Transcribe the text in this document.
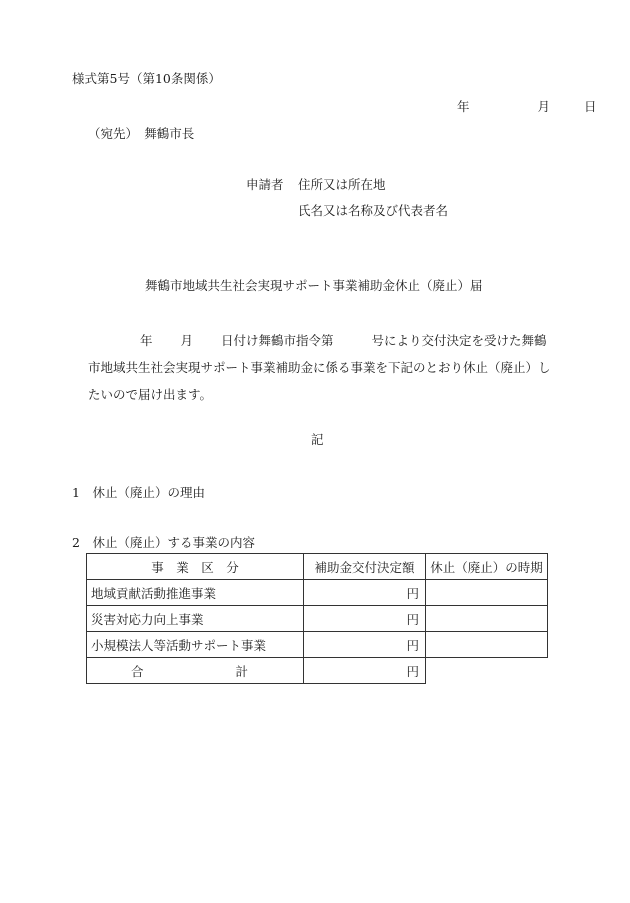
様式第5号（第10条関係）
年	月	日
（宛先）　舞鶴市長
申請者 住所又は所在地
氏名又は名称及び代表者名
舞鶴市地域共生社会実現サポート事業補助金休止（廃止）届
年 月 日付け舞鶴市指令第	号により交付決定を受けた舞鶴
市地域共生社会実現サポート事業補助金に係る事業を下記のとおり休止（廃止）し
たいので届け出ます。
記
1　休止（廃止）の理由
2　休止（廃止）する事業の内容
事　業　区　分	補助金交付決定額	休止（廃止）の時期
地域貢献活動推進事業	円	
災害対応力向上事業	円	
小規模法人等活動サポート事業	円	
合 計	円	
